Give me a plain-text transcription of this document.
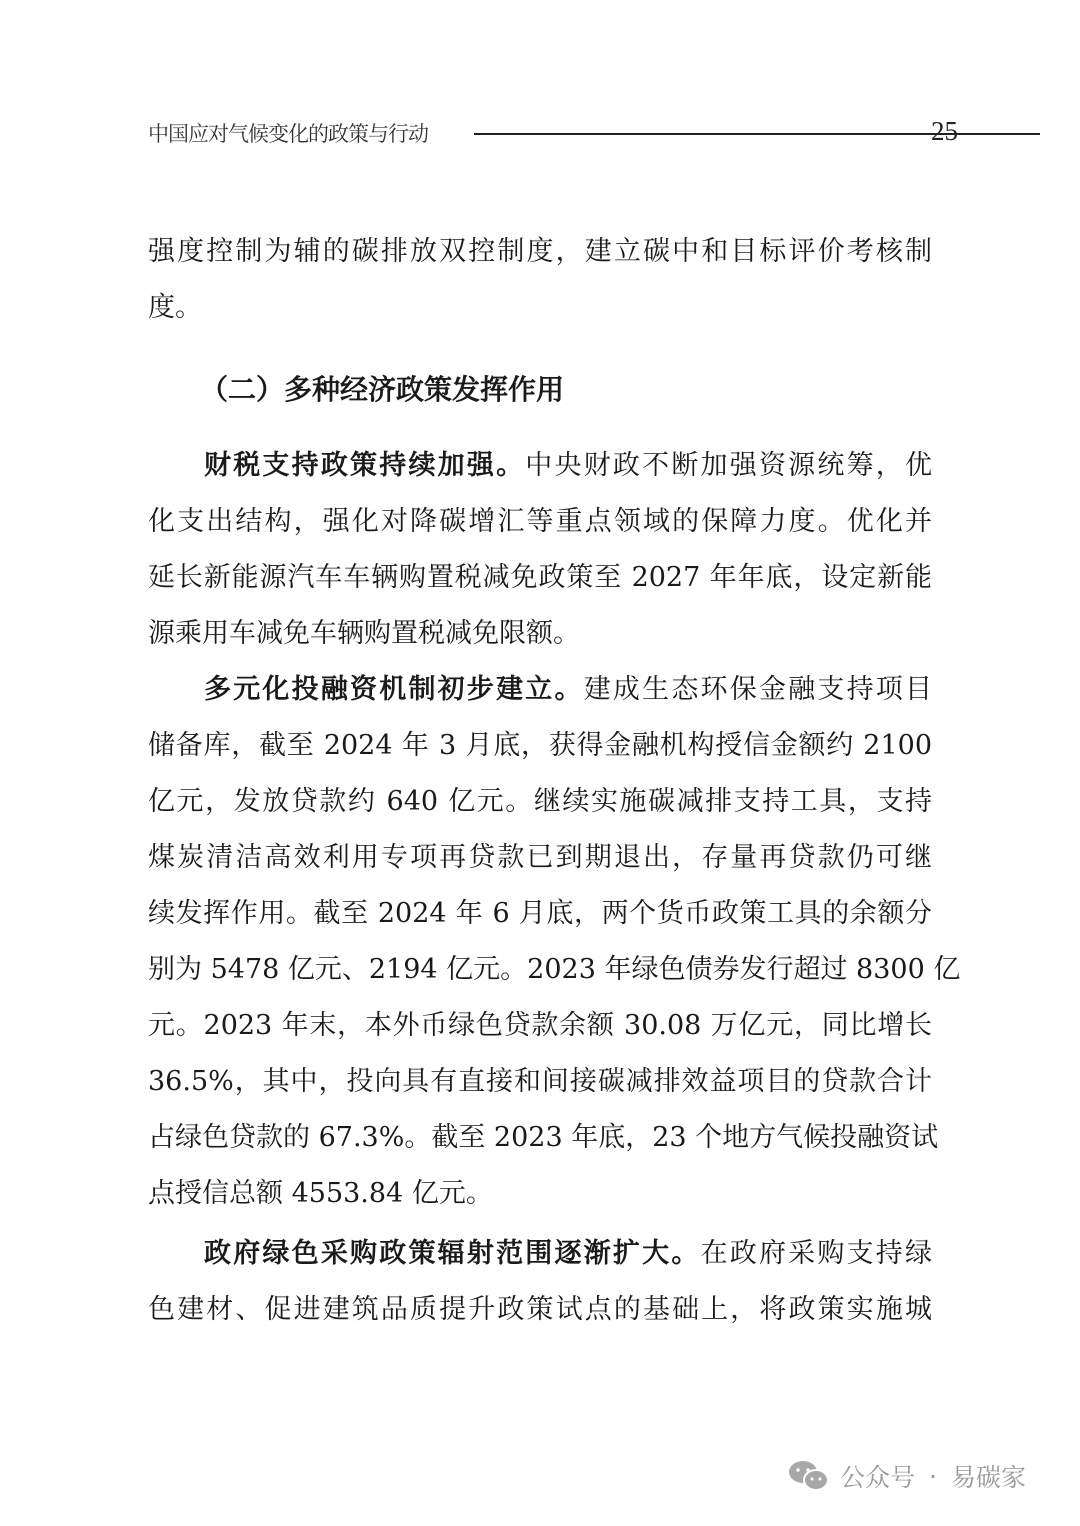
中国应对气候变化的政策与行动	25
（二）多种经济政策发挥作用
强度控制为辅的碳排放双控制度，建立碳中和目标评价考核制
度。
财税支持政策持续加强。中央财政不断加强资源统筹，优
化支出结构，强化对降碳增汇等重点领域的保障力度。优化并
延长新能源汽车车辆购置税减免政策至 2027 年年底，设定新能
源乘用车减免车辆购置税减免限额。
多元化投融资机制初步建立。建成生态环保金融支持项目
储备库，截至 2024 年 3 月底，获得金融机构授信金额约 2100
亿元，发放贷款约 640 亿元。继续实施碳减排支持工具，支持
煤炭清洁高效利用专项再贷款已到期退出，存量再贷款仍可继
续发挥作用。截至 2024 年 6 月底，两个货币政策工具的余额分
别为 5478 亿元、2194 亿元。2023 年绿色债券发行超过 8300 亿
元。2023 年末，本外币绿色贷款余额 30.08 万亿元，同比增长
36.5%，其中，投向具有直接和间接碳减排效益项目的贷款合计
占绿色贷款的 67.3%。截至 2023 年底，23 个地方气候投融资试
点授信总额 4553.84 亿元。
政府绿色采购政策辐射范围逐渐扩大。在政府采购支持绿
色建材、促进建筑品质提升政策试点的基础上，将政策实施城
公众号 · 易碳家
